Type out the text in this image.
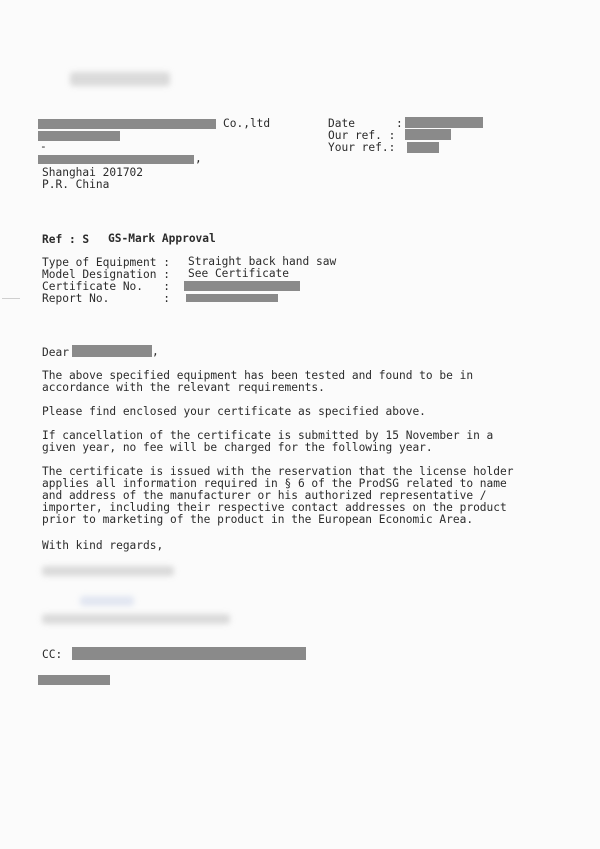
Co.,ltd
-
,
Shanghai 201702
P.R. China
Date	:
Our ref. :
Your ref.:
Ref : S GS-Mark Approval
Type of Equipment : Straight back hand saw
Model Designation : See Certificate
Certificate No.   :
Report No.        :
Dear	,
The above specified equipment has been tested and found to be in
accordance with the relevant requirements.
Please find enclosed your certificate as specified above.
If cancellation of the certificate is submitted by 15 November in a
given year, no fee will be charged for the following year.
The certificate is issued with the reservation that the license holder
applies all information required in § 6 of the ProdSG related to name
and address of the manufacturer or his authorized representative /
importer, including their respective contact addresses on the product
prior to marketing of the product in the European Economic Area.
With kind regards,
CC:
